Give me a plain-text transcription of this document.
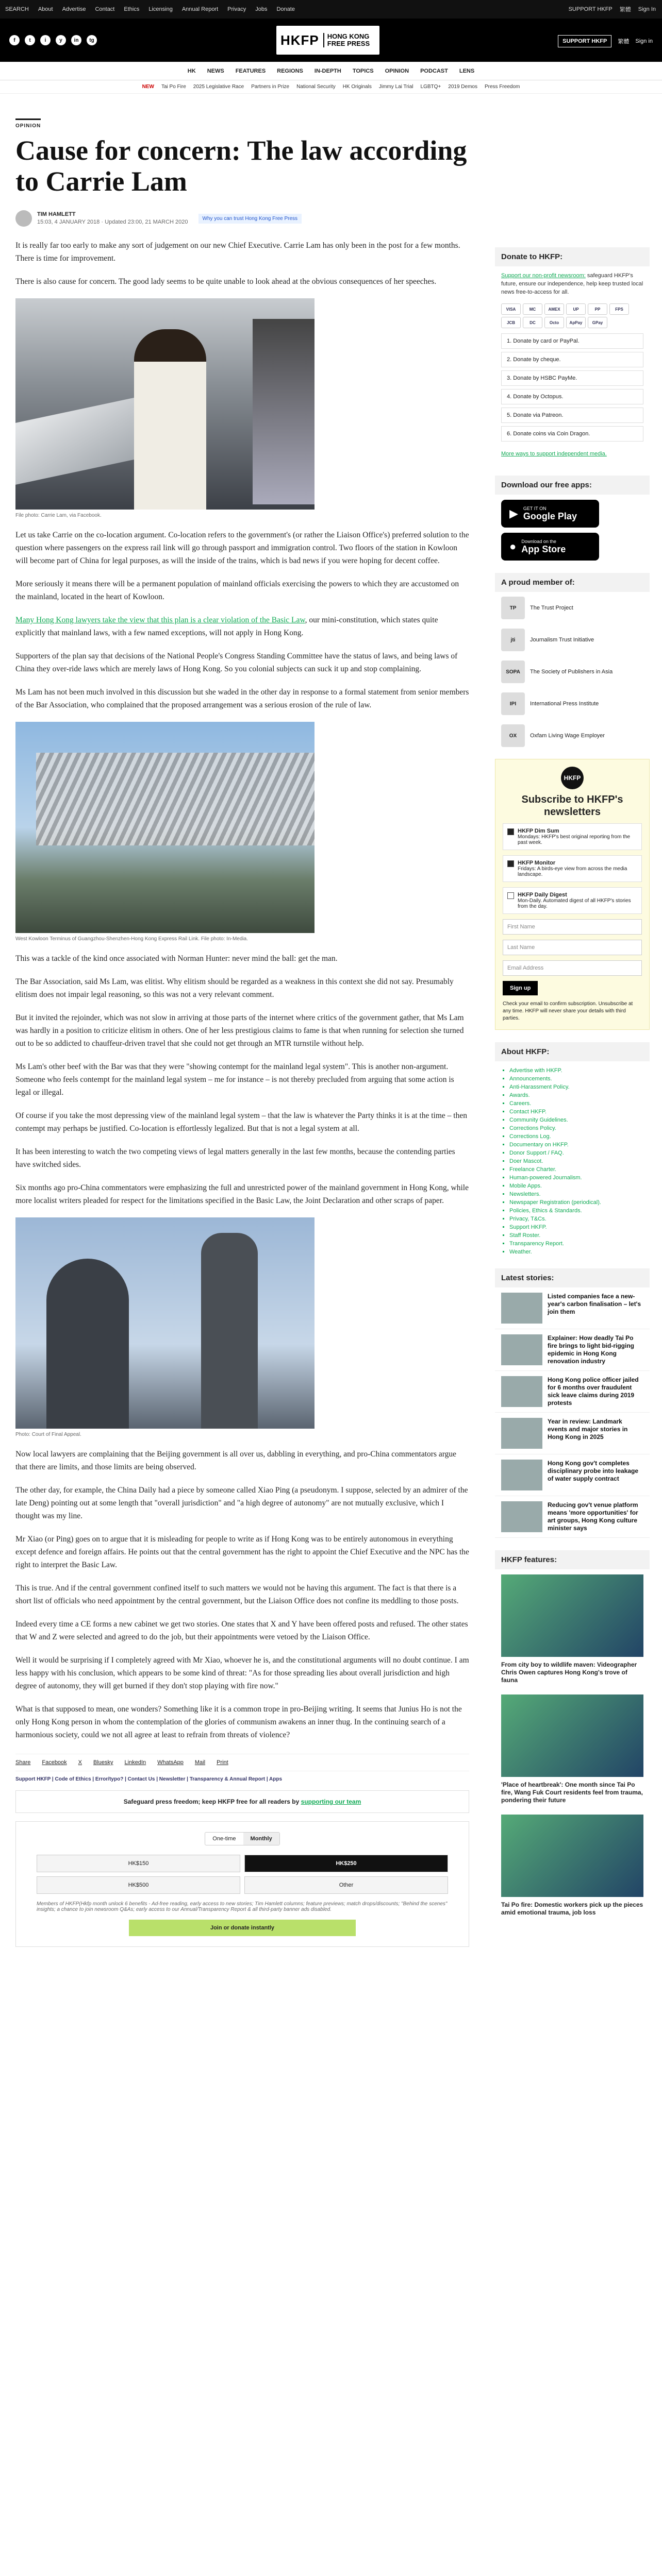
SEARCH About Advertise Contact Ethics Licensing Annual Report Privacy Jobs Donate	SUPPORT HKFP 繁體 Sign In
f	t	i	y	in	tg	HKFP	HONG KONG
FREE PRESS	SUPPORT HKFP	繁體 Sign in
HK NEWS FEATURES REGIONS IN-DEPTH TOPICS OPINION PODCAST LENS
NEW Tai Po Fire 2025 Legislative Race Partners in Prize National Security HK Originals Jimmy Lai Trial LGBTQ+ 2019 Demos Press Freedom
OPINION
Cause for concern: The law according to Carrie Lam
TIM HAMLETT
15:03, 4 JANUARY 2018 · Updated 23:00, 21 MARCH 2020
Why you can trust Hong Kong Free Press

It is really far too early to make any sort of judgement on our new Chief Executive. Carrie Lam has only been in the post for a few months. There is time for improvement.

There is also cause for concern. The good lady seems to be quite unable to look ahead at the obvious consequences of her speeches.

File photo: Carrie Lam, via Facebook.

Let us take Carrie on the co-location argument. Co-location refers to the government's (or rather the Liaison Office's) preferred solution to the question where passengers on the express rail link will go through passport and immigration control. Two floors of the station in Kowloon will become part of China for legal purposes, as will the inside of the trains, which is bad news if you were hoping for decent coffee.

More seriously it means there will be a permanent population of mainland officials exercising the powers to which they are accustomed on the mainland, located in the heart of Kowloon.

Many Hong Kong lawyers take the view that this plan is a clear violation of the Basic Law, our mini-constitution, which states quite explicitly that mainland laws, with a few named exceptions, will not apply in Hong Kong.

Supporters of the plan say that decisions of the National People's Congress Standing Committee have the status of laws, and being laws of China they over-ride laws which are merely laws of Hong Kong. So you colonial subjects can suck it up and stop complaining.

Ms Lam has not been much involved in this discussion but she waded in the other day in response to a formal statement from senior members of the Bar Association, who complained that the proposed arrangement was a serious erosion of the rule of law.

West Kowloon Terminus of Guangzhou-Shenzhen-Hong Kong Express Rail Link. File photo: In-Media.

This was a tackle of the kind once associated with Norman Hunter: never mind the ball: get the man.

The Bar Association, said Ms Lam, was elitist. Why elitism should be regarded as a weakness in this context she did not say. Presumably elitism does not impair legal reasoning, so this was not a very relevant comment.

But it invited the rejoinder, which was not slow in arriving at those parts of the internet where critics of the government gather, that Ms Lam was hardly in a position to criticize elitism in others. One of her less prestigious claims to fame is that when running for selection she turned out to be so addicted to chauffeur-driven travel that she could not get through an MTR turnstile without help.

Ms Lam's other beef with the Bar was that they were "showing contempt for the mainland legal system". This is another non-argument. Someone who feels contempt for the mainland legal system – me for instance – is not thereby precluded from arguing that some action is legal or illegal.

Of course if you take the most depressing view of the mainland legal system – that the law is whatever the Party thinks it is at the time – then contempt may perhaps be justified. Co-location is effortlessly legalized. But that is not a legal system at all.

It has been interesting to watch the two competing views of legal matters generally in the last few months, because the contending parties have switched sides.

Six months ago pro-China commentators were emphasizing the full and unrestricted power of the mainland government in Hong Kong, while more localist writers pleaded for respect for the limitations specified in the Basic Law, the Joint Declaration and other scraps of paper.

Photo: Court of Final Appeal.

Now local lawyers are complaining that the Beijing government is all over us, dabbling in everything, and pro-China commentators argue that there are limits, and those limits are being observed.

The other day, for example, the China Daily had a piece by someone called Xiao Ping (a pseudonym. I suppose, selected by an admirer of the late Deng) pointing out at some length that "overall jurisdiction" and "a high degree of autonomy" are not mutually exclusive, which I thought was my line.

Mr Xiao (or Ping) goes on to argue that it is misleading for people to write as if Hong Kong was to be entirely autonomous in everything except defence and foreign affairs. He points out that the central government has the right to appoint the Chief Executive and the NPC has the right to interpret the Basic Law.

This is true. And if the central government confined itself to such matters we would not be having this argument. The fact is that there is a short list of officials who need appointment by the central government, but the Liaison Office does not confine its meddling to those posts.

Indeed every time a CE forms a new cabinet we get two stories. One states that X and Y have been offered posts and refused. The other states that W and Z were selected and agreed to do the job, but their appointments were vetoed by the Liaison Office.

Well it would be surprising if I completely agreed with Mr Xiao, whoever he is, and the constitutional arguments will no doubt continue. I am less happy with his conclusion, which appears to be some kind of threat: "As for those spreading lies about overall jurisdiction and high degree of autonomy, they will get burned if they don't stop playing with fire now."

What is that supposed to mean, one wonders? Something like it is a common trope in pro-Beijing writing. It seems that Junius Ho is not the only Hong Kong person in whom the contemplation of the glories of communism awakens an inner thug. In the continuing search of a harmonious society, could we not all agree at least to refrain from threats of violence?

Share Facebook X Bluesky LinkedIn WhatsApp Mail Print
Support HKFP | Code of Ethics | Error/typo? | Contact Us | Newsletter | Transparency & Annual Report | Apps
Safeguard press freedom; keep HKFP free for all readers by supporting our team
One-time	Monthly
HK$150	HK$250
HK$500	Other
Members of HKFP(Hkfp month unlock 6 benefits - Ad-free reading, early access to new stories; Tim Hamlett columns; feature previews; match drops/discounts; "Behind the scenes" insights; a chance to join newsroom Q&As; early access to our Annual/Transparency Report & all third-party banner ads disabled.
Join or donate instantly
Donate to HKFP:
Support our non-profit newsroom: safeguard HKFP's future, ensure our independence, help keep trusted local news free-to-access for all.
VISA	MC	AMEX	UP	PP	FPS
JCB	DC	Octo	ApPay	GPay
1. Donate by card or PayPal.
2. Donate by cheque.
3. Donate by HSBC PayMe.
4. Donate by Octopus.
5. Donate via Patreon.
6. Donate coins via Coin Dragon.
More ways to support independent media.
Download our free apps:
▶ GET IT ON
Google Play
● Download on the
App Store
A proud member of:
TP	The Trust Project
jti	Journalism Trust Initiative
SOPA	The Society of Publishers in Asia
IPI	International Press Institute
OX	Oxfam Living Wage Employer
HKFP
Subscribe to HKFP's newsletters
HKFP Dim Sum
Mondays: HKFP's best original reporting from the past week.
HKFP Monitor
Fridays: A birds-eye view from across the media landscape.
HKFP Daily Digest
Mon-Daily. Automated digest of all HKFP's stories from the day.
First Name
Last Name
Email Address
Sign up
Check your email to confirm subscription. Unsubscribe at any time. HKFP will never share your details with third parties.
About HKFP:
▪ Advertise with HKFP.
▪ Announcements.
▪ Anti-Harassment Policy.
▪ Awards.
▪ Careers.
▪ Contact HKFP.
▪ Community Guidelines.
▪ Corrections Policy.
▪ Corrections Log.
▪ Documentary on HKFP.
▪ Donor Support / FAQ.
▪ Doer Mascot.
▪ Freelance Charter.
▪ Human-powered Journalism.
▪ Mobile Apps.
▪ Newsletters.
▪ Newspaper Registration (periodical).
▪ Policies, Ethics & Standards.
▪ Privacy, T&Cs.
▪ Support HKFP.
▪ Staff Roster.
▪ Transparency Report.
▪ Weather.
Latest stories:
Listed companies face a new-year's carbon finalisation – let's join them
Explainer: How deadly Tai Po fire brings to light bid-rigging epidemic in Hong Kong renovation industry
Hong Kong police officer jailed for 6 months over fraudulent sick leave claims during 2019 protests
Year in review: Landmark events and major stories in Hong Kong in 2025
Hong Kong gov't completes disciplinary probe into leakage of water supply contract
Reducing gov't venue platform means 'more opportunities' for art groups, Hong Kong culture minister says
HKFP features:
From city boy to wildlife maven: Videographer Chris Owen captures Hong Kong's trove of fauna
'Place of heartbreak': One month since Tai Po fire, Wang Fuk Court residents feel from trauma, pondering their future
Tai Po fire: Domestic workers pick up the pieces amid emotional trauma, job loss
